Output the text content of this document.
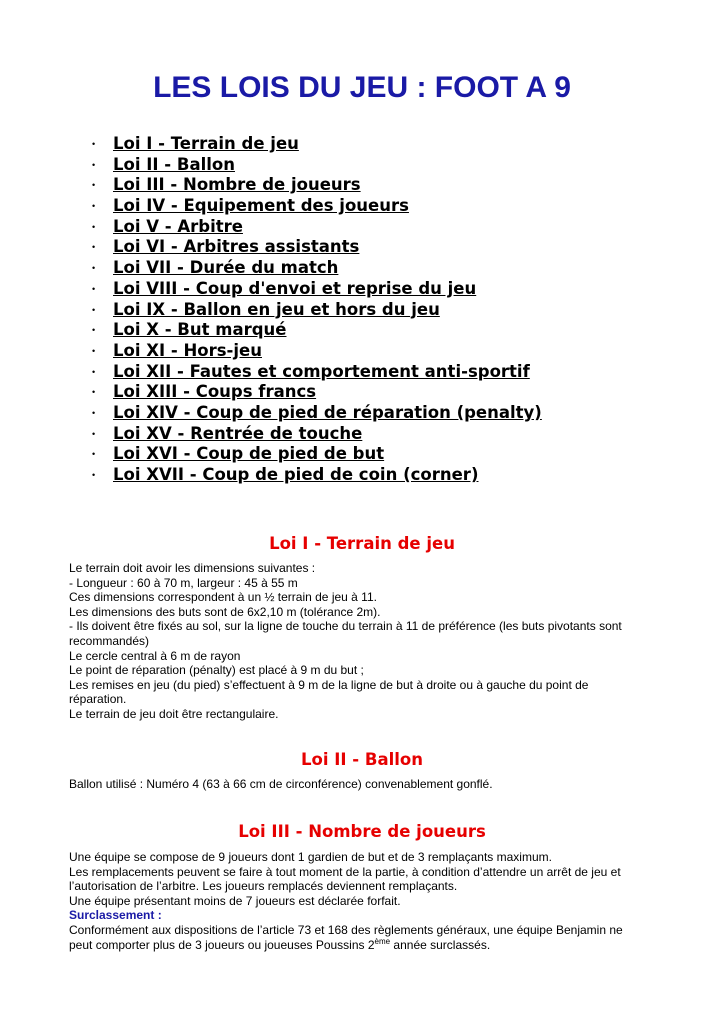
LES LOIS DU JEU : FOOT A 9
• Loi I - Terrain de jeu
• Loi II - Ballon
• Loi III - Nombre de joueurs
• Loi IV - Equipement des joueurs
• Loi V - Arbitre
• Loi VI - Arbitres assistants
• Loi VII - Durée du match
• Loi VIII - Coup d'envoi et reprise du jeu
• Loi IX - Ballon en jeu et hors du jeu
• Loi X - But marqué
• Loi XI - Hors-jeu
• Loi XII - Fautes et comportement anti-sportif
• Loi XIII - Coups francs
• Loi XIV - Coup de pied de réparation (penalty)
• Loi XV - Rentrée de touche
• Loi XVI - Coup de pied de but
• Loi XVII - Coup de pied de coin (corner)
Loi I - Terrain de jeu

Le terrain doit avoir les dimensions suivantes :

- Longueur : 60 à 70 m, largeur : 45 à 55 m

Ces dimensions correspondent à un ½ terrain de jeu à 11.

Les dimensions des buts sont de 6x2,10 m (tolérance 2m).

- Ils doivent être fixés au sol, sur la ligne de touche du terrain à 11 de préférence (les buts pivotants sont recommandés)

Le cercle central à 6 m de rayon

Le point de réparation (pénalty) est placé à 9 m du but ;

Les remises en jeu (du pied) s’effectuent à 9 m de la ligne de but à droite ou à gauche du point de réparation.

Le terrain de jeu doit être rectangulaire.

Loi II - Ballon

Ballon utilisé : Numéro 4 (63 à 66 cm de circonférence) convenablement gonflé.

Loi III - Nombre de joueurs

Une équipe se compose de 9 joueurs dont 1 gardien de but et de 3 remplaçants maximum.

Les remplacements peuvent se faire à tout moment de la partie, à condition d’attendre un arrêt de jeu et l’autorisation de l’arbitre. Les joueurs remplacés deviennent remplaçants.

Une équipe présentant moins de 7 joueurs est déclarée forfait.

Surclassement :

Conformément aux dispositions de l’article 73 et 168 des règlements généraux, une équipe Benjamin ne peut comporter plus de 3 joueurs ou joueuses Poussins 2ème année surclassés.
